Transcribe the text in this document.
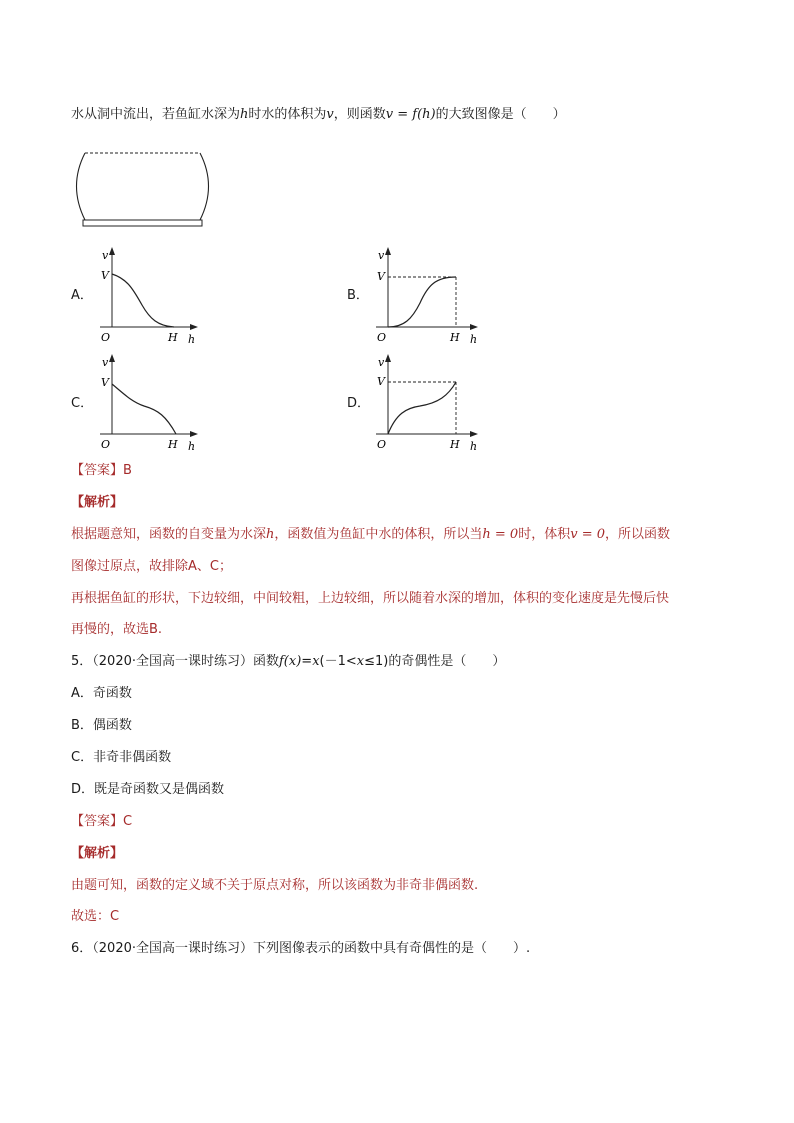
水从洞中流出，若鱼缸水深为h时水的体积为v，则函数v = f(h)的大致图像是（　　）
A．
v
V
O	H h
B．
v
V
O	H h
C．
v
V
O	H h
D．
v
V
O	H h
【答案】B
【解析】
根据题意知，函数的自变量为水深h，函数值为鱼缸中水的体积，所以当h = 0时，体积v = 0，所以函数
图像过原点，故排除A、C；
再根据鱼缸的形状，下边较细，中间较粗，上边较细，所以随着水深的增加，体积的变化速度是先慢后快
再慢的，故选B.
5．（2020·全国高一课时练习）函数f(x)=x(－1<x≤1)的奇偶性是（　　）
A．奇函数
B．偶函数
C．非奇非偶函数
D．既是奇函数又是偶函数
【答案】C
【解析】
由题可知，函数的定义域不关于原点对称，所以该函数为非奇非偶函数.
故选：C
6．（2020·全国高一课时练习）下列图像表示的函数中具有奇偶性的是（　　）.
